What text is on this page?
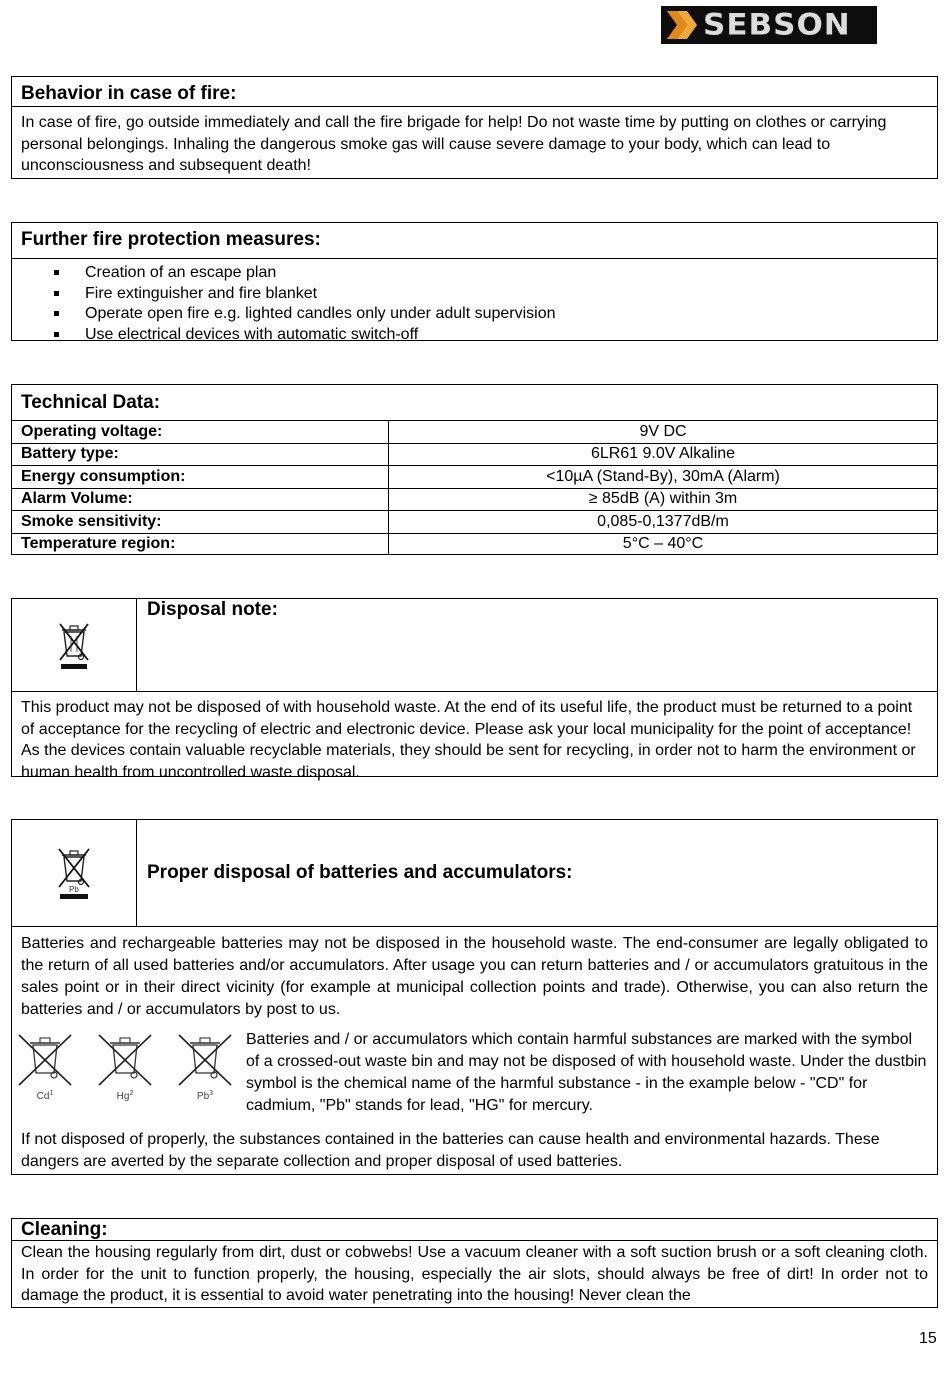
SEBSON
Behavior in case of fire:
In case of fire, go outside immediately and call the fire brigade for help! Do not waste time by putting on clothes or carrying personal belongings. Inhaling the dangerous smoke gas will cause severe damage to your body, which can lead to unconsciousness and subsequent death!
Further fire protection measures:
Creation of an escape plan
Fire extinguisher and fire blanket
Operate open fire e.g. lighted candles only under adult supervision
Use electrical devices with automatic switch-off
Technical Data:
Operating voltage:	9V DC
Battery type:	6LR61 9.0V Alkaline
Energy consumption:	<10µA (Stand-By), 30mA (Alarm)
Alarm Volume:	≥ 85dB (A) within 3m
Smoke sensitivity:	0,085-0,1377dB/m
Temperature region:	5°C – 40°C
Disposal note:
This product may not be disposed of with household waste. At the end of its useful life, the product must be returned to a point of acceptance for the recycling of electric and electronic device. Please ask your local municipality for the point of acceptance! As the devices contain valuable recyclable materials, they should be sent for recycling, in order not to harm the environment or human health from uncontrolled waste disposal.
Pb
Proper disposal of batteries and accumulators:
Batteries and rechargeable batteries may not be disposed in the household waste. The end-consumer are legally obligated to the return of all used batteries and/or accumulators. After usage you can return batteries and / or accumulators gratuitous in the sales point or in their direct vicinity (for example at municipal collection points and trade). Otherwise, you can also return the batteries and / or accumulators by post to us.
Cd$^1$	Hg$^2$	Pb$^3$
Batteries and / or accumulators which contain harmful substances are marked with the symbol of a crossed-out waste bin and may not be disposed of with household waste. Under the dustbin symbol is the chemical name of the harmful substance - in the example below - "CD" for cadmium, "Pb" stands for lead, "HG" for mercury.
If not disposed of properly, the substances contained in the batteries can cause health and environmental hazards. These dangers are averted by the separate collection and proper disposal of used batteries.
Cleaning:
Clean the housing regularly from dirt, dust or cobwebs! Use a vacuum cleaner with a soft suction brush or a soft cleaning cloth. In order for the unit to function properly, the housing, especially the air slots, should always be free of dirt! In order not to damage the product, it is essential to avoid water penetrating into the housing! Never clean the
15
